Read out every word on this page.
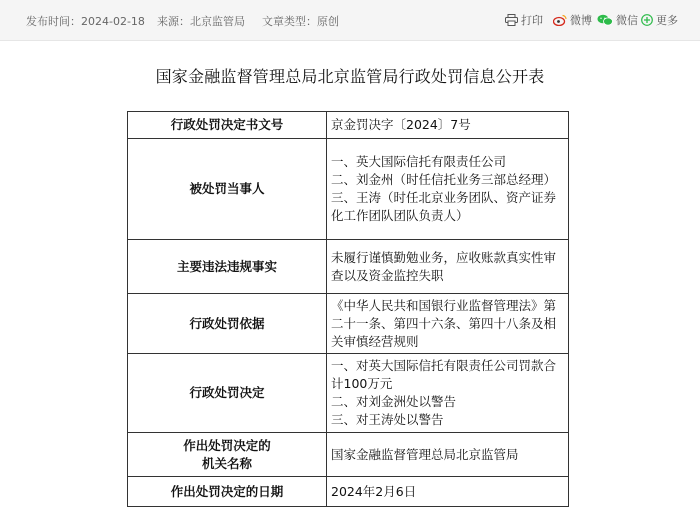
发布时间：2024-02-18 来源：北京监管局 文章类型：原创	打印 微博 微信 更多
国家金融监督管理总局北京监管局行政处罚信息公开表
行政处罚决定书文号	京金罚决字〔2024〕7号

被处罚当事人	一、英大国际信托有限责任公司
二、刘金州（时任信托业务三部总经理）
三、王涛（时任北京业务团队、资产证券化工作团队团队负责人）

主要违法违规事实	未履行谨慎勤勉业务，应收账款真实性审查以及资金监控失职

行政处罚依据	《中华人民共和国银行业监督管理法》第二十一条、第四十六条、第四十八条及相关审慎经营规则

行政处罚决定	一、对英大国际信托有限责任公司罚款合计100万元
二、对刘金洲处以警告
三、对王涛处以警告

作出处罚决定的
机关名称	国家金融监督管理总局北京监管局

作出处罚决定的日期	2024年2月6日
